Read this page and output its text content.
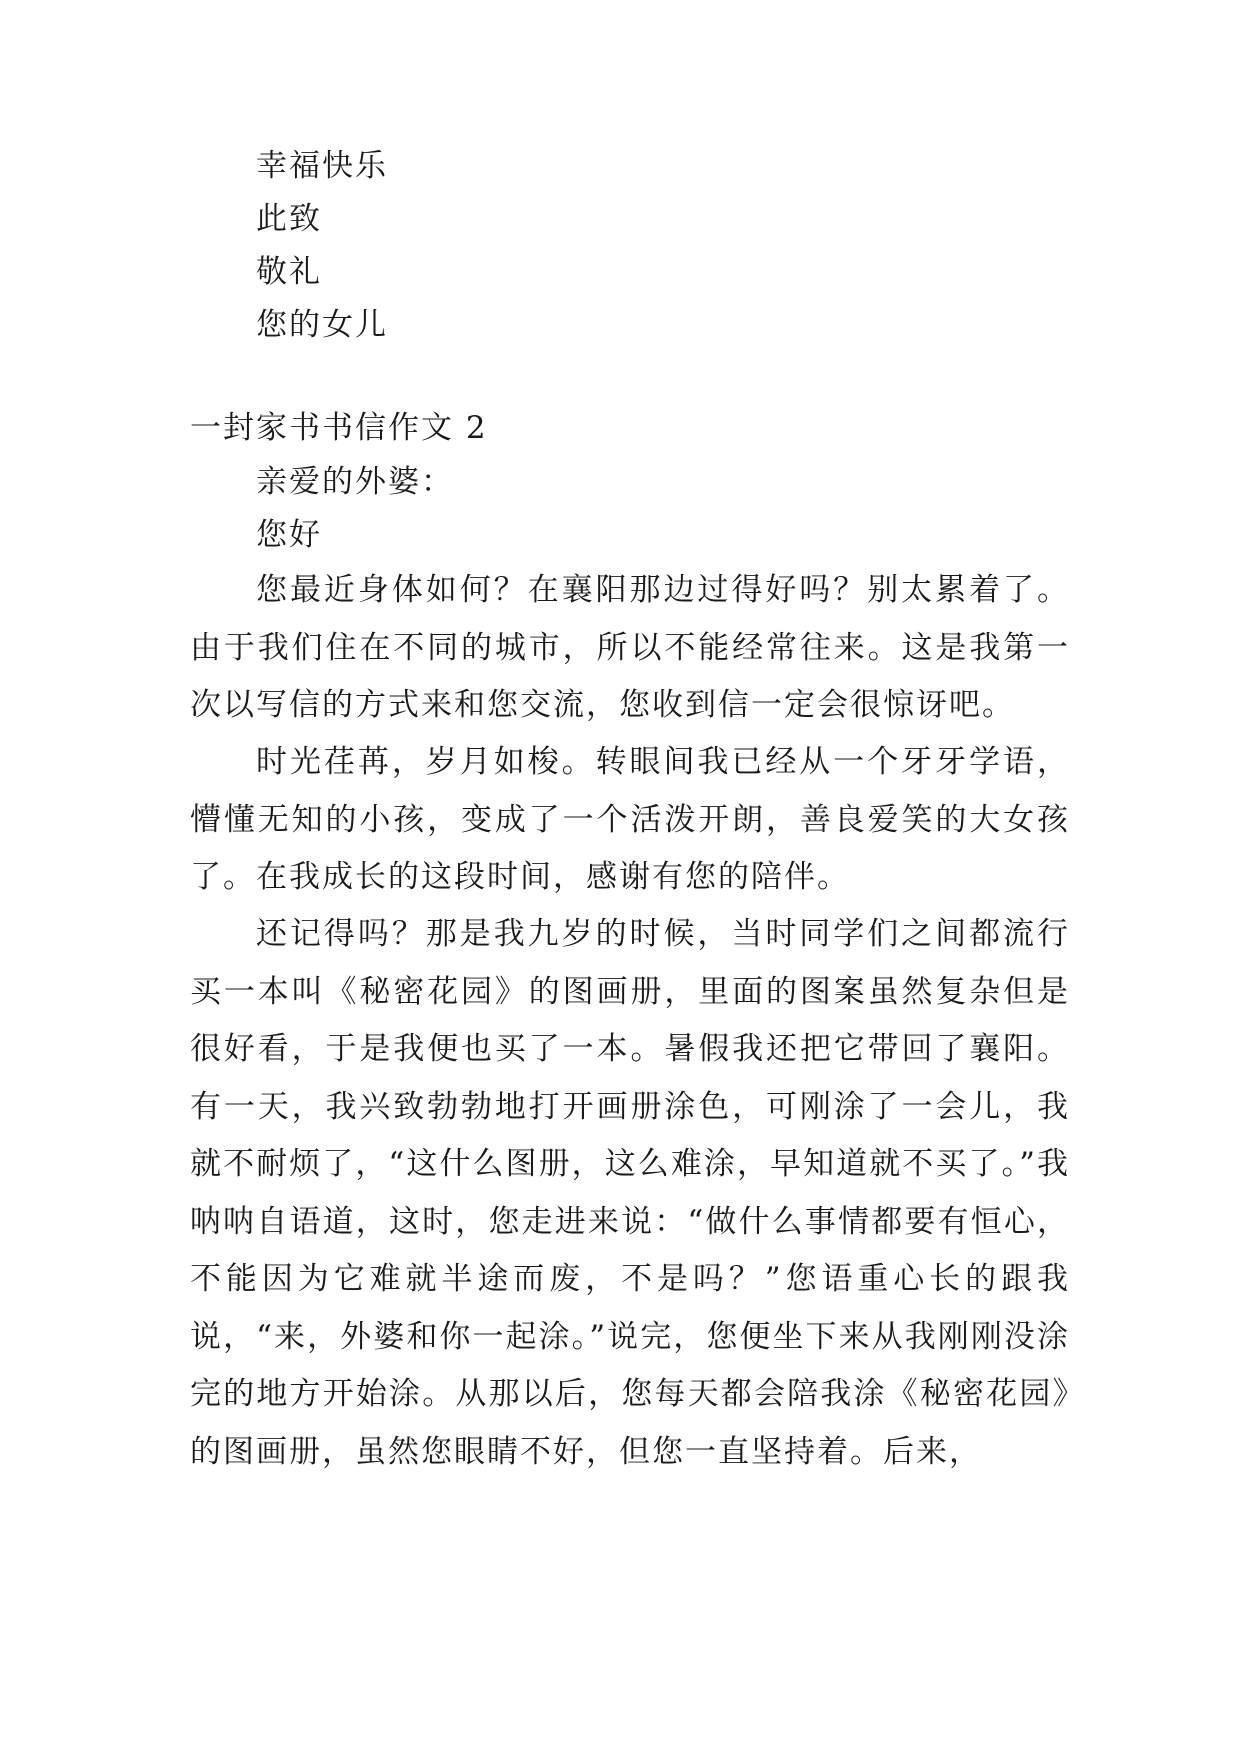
幸福快乐
此致
敬礼
您的女儿
一封家书书信作文 2
亲爱的外婆：
您好
您最近身体如何？在襄阳那边过得好吗？别太累着了。由于我们住在不同的城市，所以不能经常往来。这是我第一次以写信的方式来和您交流，您收到信一定会很惊讶吧。
时光荏苒，岁月如梭。转眼间我已经从一个牙牙学语，懵懂无知的小孩，变成了一个活泼开朗，善良爱笑的大女孩了。在我成长的这段时间，感谢有您的陪伴。
还记得吗？那是我九岁的时候，当时同学们之间都流行买一本叫《秘密花园》的图画册，里面的图案虽然复杂但是很好看，于是我便也买了一本。暑假我还把它带回了襄阳。有一天，我兴致勃勃地打开画册涂色，可刚涂了一会儿，我就不耐烦了，“这什么图册，这么难涂，早知道就不买了。”我呐呐自语道，这时，您走进来说：“做什么事情都要有恒心，不能因为它难就半途而废，不是吗？”您语重心长的跟我说，“来，外婆和你一起涂。”说完，您便坐下来从我刚刚没涂完的地方开始涂。从那以后，您每天都会陪我涂《秘密花园》的图画册，虽然您眼睛不好，但您一直坚持着。后来，
